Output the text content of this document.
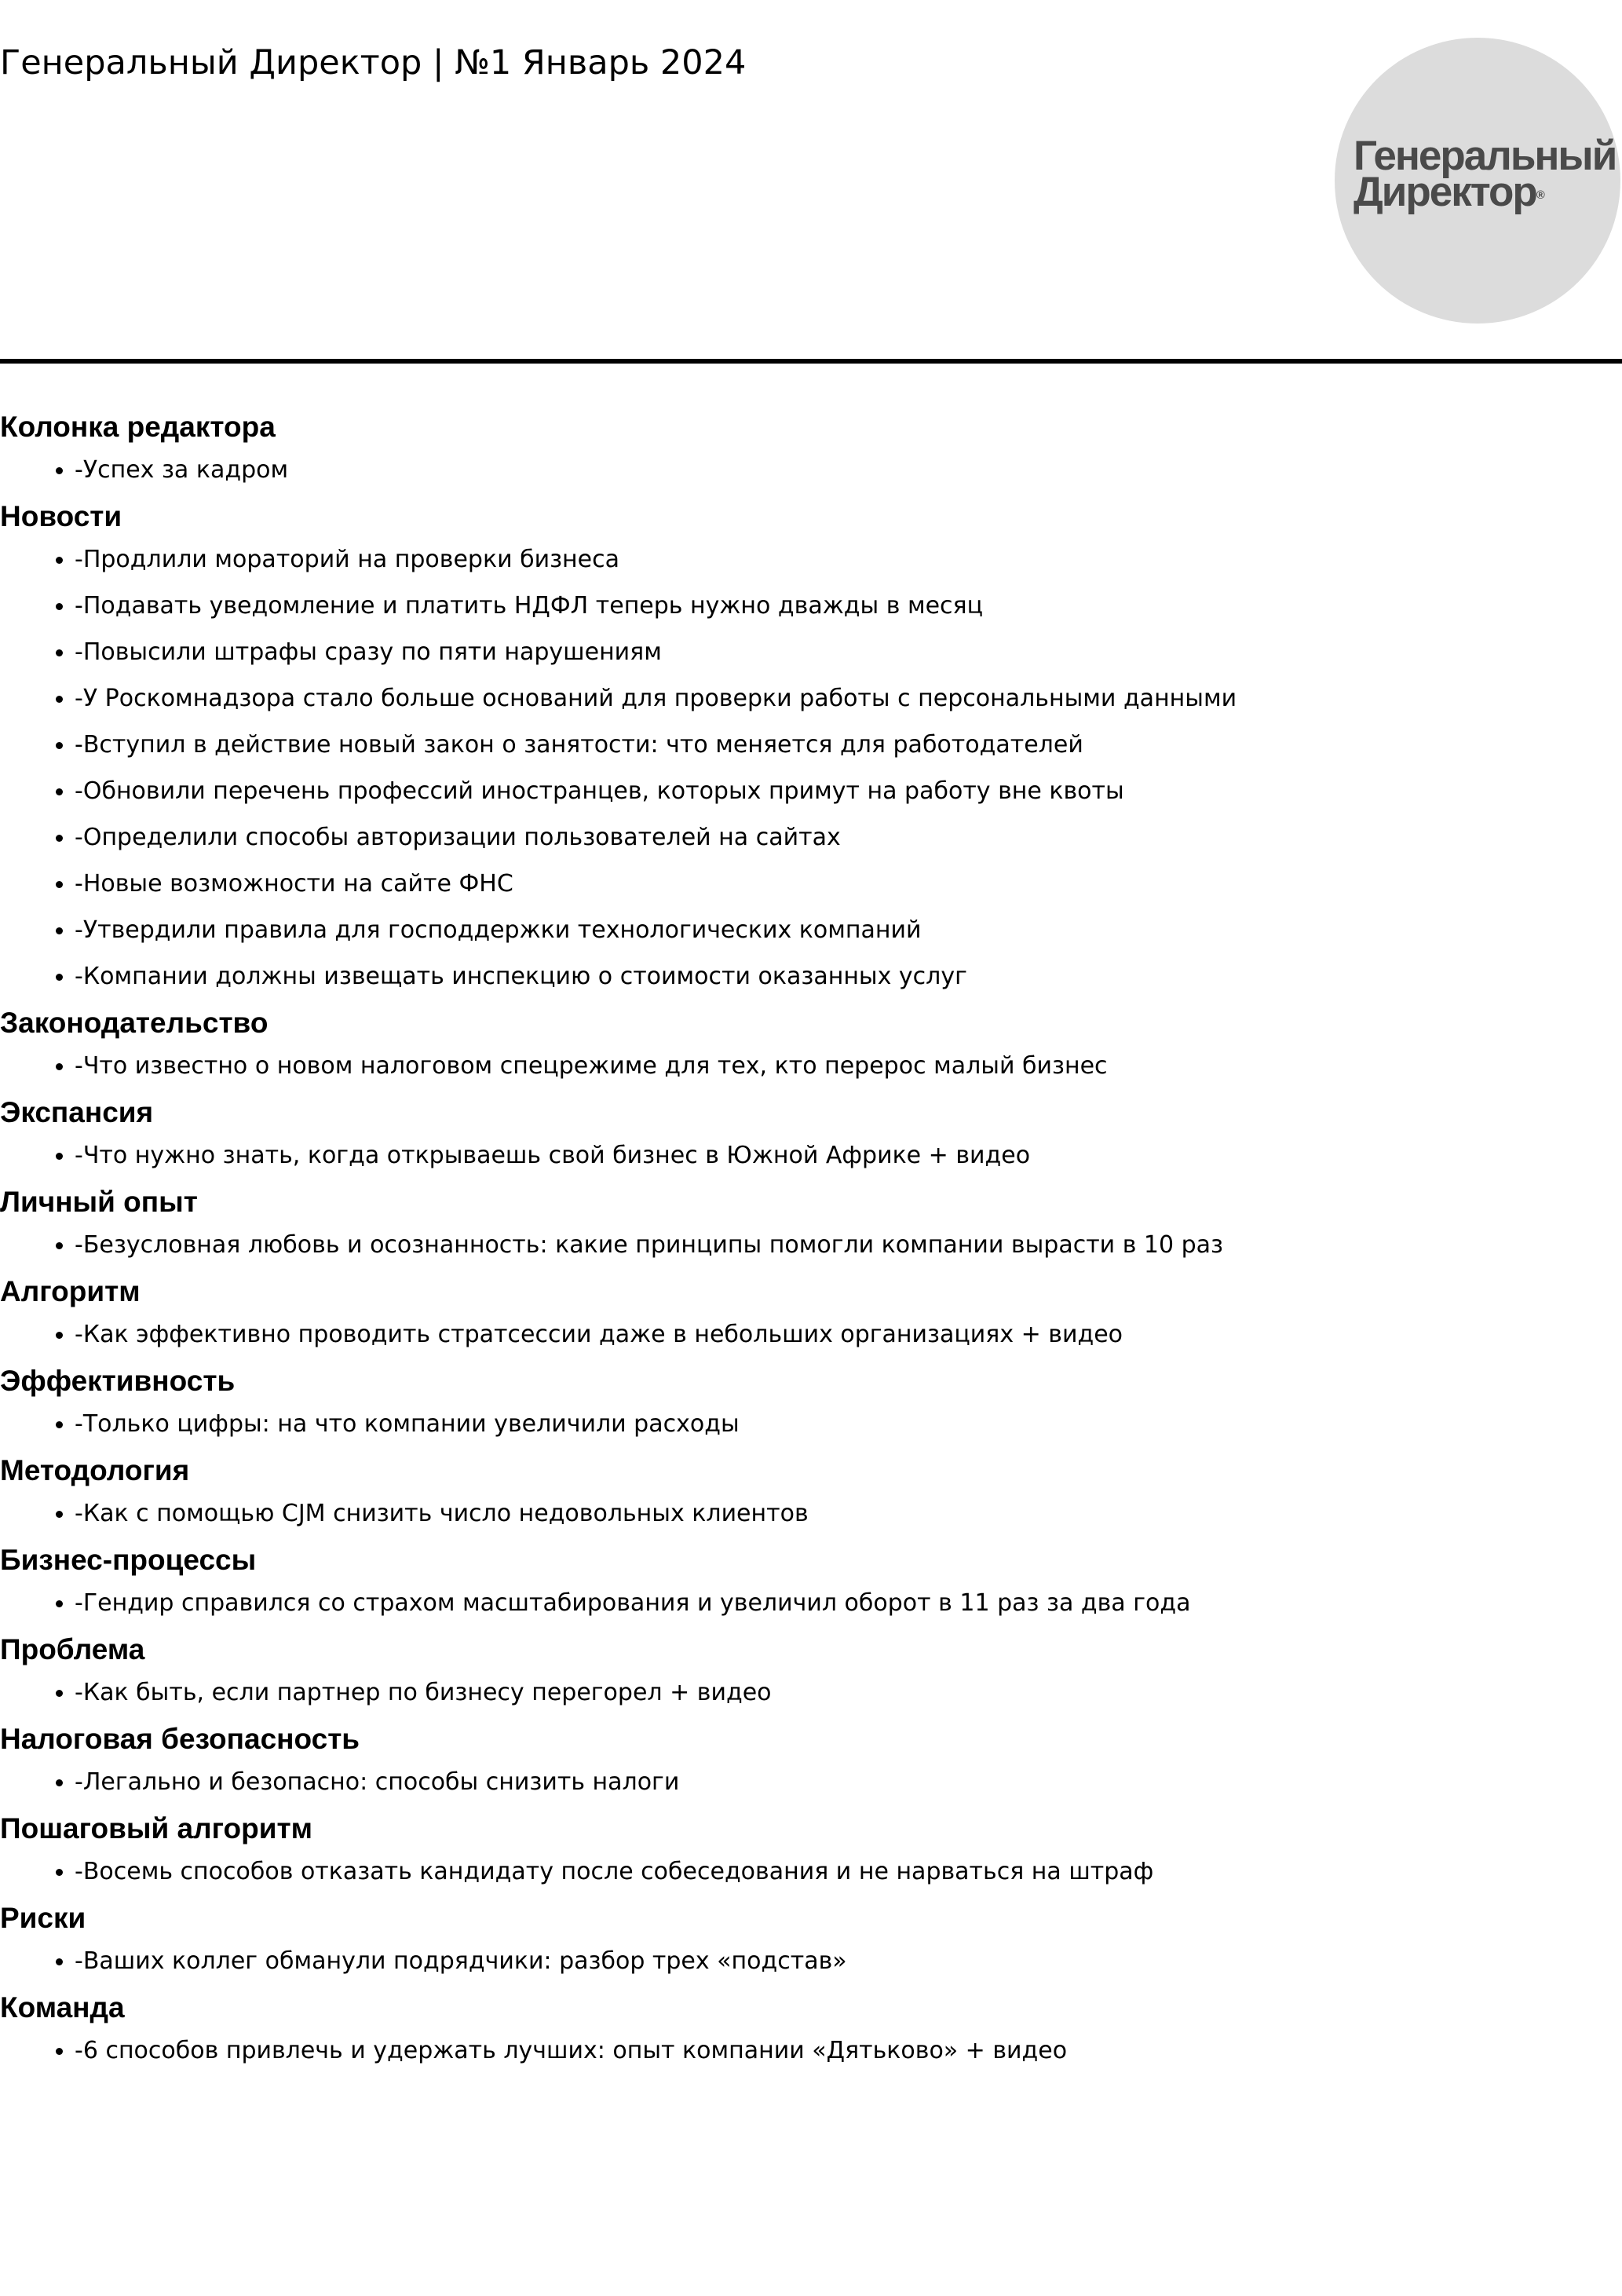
Генеральный Директор | №1 Январь 2024
Генеральный
Директор®
Колонка редактора
• -Успех за кадром
Новости
• -Продлили мораторий на проверки бизнеса
• -Подавать уведомление и платить НДФЛ теперь нужно дважды в месяц
• -Повысили штрафы сразу по пяти нарушениям
• -У Роскомнадзора стало больше оснований для проверки работы с персональными данными
• -Вступил в действие новый закон о занятости: что меняется для работодателей
• -Обновили перечень профессий иностранцев, которых примут на работу вне квоты
• -Определили способы авторизации пользователей на сайтах
• -Новые возможности на сайте ФНС
• -Утвердили правила для господдержки технологических компаний
• -Компании должны извещать инспекцию о стоимости оказанных услуг
Законодательство
• -Что известно о новом налоговом спецрежиме для тех, кто перерос малый бизнес
Экспансия
• -Что нужно знать, когда открываешь свой бизнес в Южной Африке + видео
Личный опыт
• -Безусловная любовь и осознанность: какие принципы помогли компании вырасти в 10 раз
Алгоритм
• -Как эффективно проводить стратсессии даже в небольших организациях + видео
Эффективность
• -Только цифры: на что компании увеличили расходы
Методология
• -Как с помощью CJM снизить число недовольных клиентов
Бизнес-процессы
• -Гендир справился со страхом масштабирования и увеличил оборот в 11 раз за два года
Проблема
• -Как быть, если партнер по бизнесу перегорел + видео
Налоговая безопасность
• -Легально и безопасно: способы снизить налоги
Пошаговый алгоритм
• -Восемь способов отказать кандидату после собеседования и не нарваться на штраф
Риски
• -Ваших коллег обманули подрядчики: разбор трех «подстав»
Команда
• -6 способов привлечь и удержать лучших: опыт компании «Дятьково» + видео
